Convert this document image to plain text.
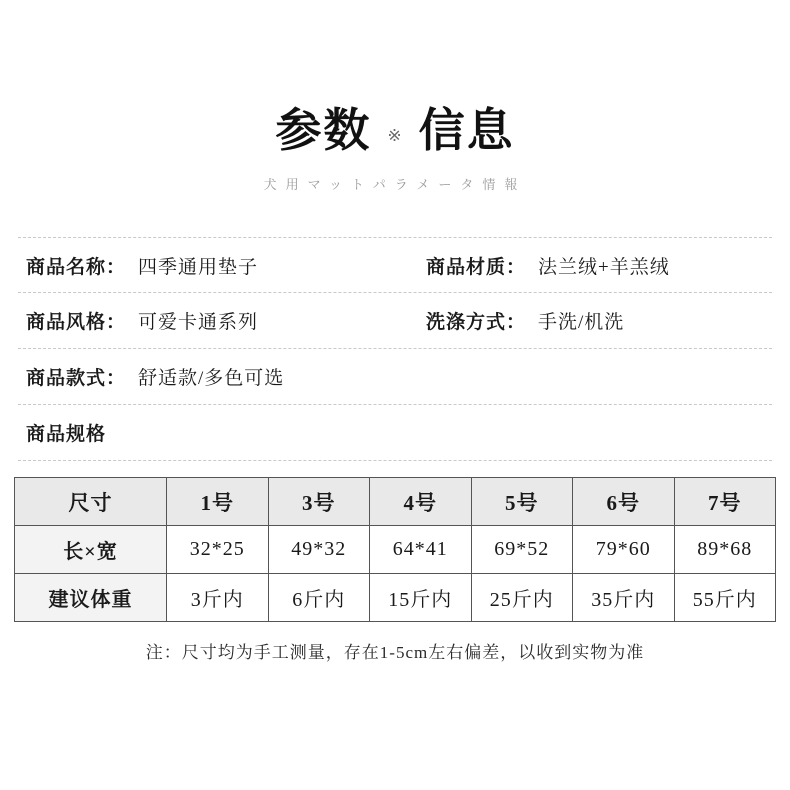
参数 ※ 信息
犬用マットパラメータ情報
商品名称： 四季通用垫子	商品材质： 法兰绒+羊羔绒
商品风格： 可爱卡通系列	洗涤方式： 手洗/机洗
商品款式： 舒适款/多色可选
商品规格
尺寸	1号	3号	4号	5号	6号	7号
长×宽	32*25	49*32	64*41	69*52	79*60	89*68
建议体重	3斤内	6斤内	15斤内	25斤内	35斤内	55斤内
注：尺寸均为手工测量，存在1-5cm左右偏差，以收到实物为准
